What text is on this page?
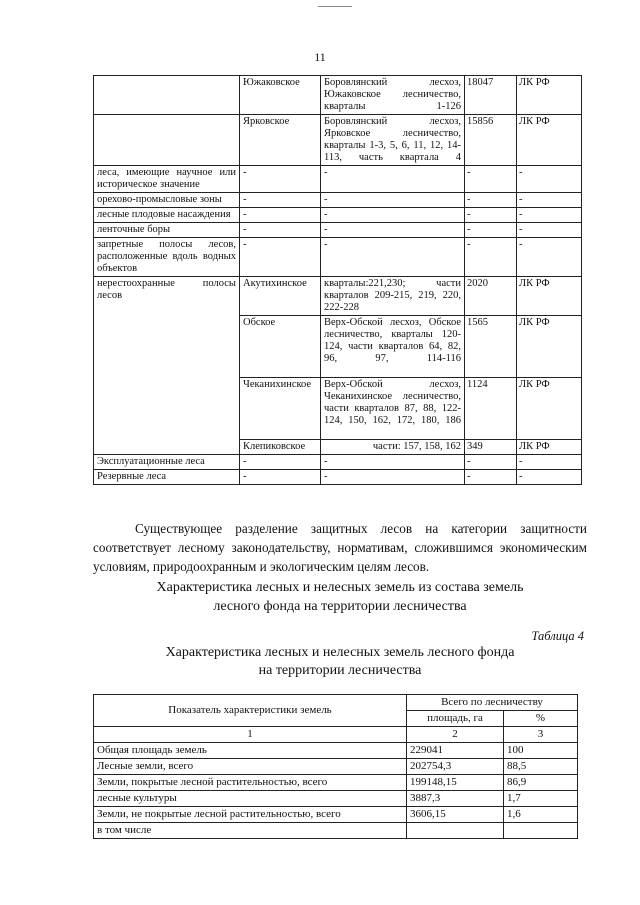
11
	Южаковское	Боровлянский лесхоз, Южаковское лесничество, кварталы 1-126	18047	ЛК РФ
	Ярковское	Боровлянский лесхоз, Ярковское лесничество, кварталы 1-3, 5, 6, 11, 12, 14-113, часть квартала 4	15856	ЛК РФ
леса, имеющие научное или историческое значение	-	-	-	-
орехово-промысловые зоны	-	-	-	-
лесные плодовые насаждения	-	-	-	-
ленточные боры	-	-	-	-
запретные полосы лесов, расположенные вдоль водных объектов	-	-	-	-
нерестоохранные полосы лесов	Акутихинское	кварталы:221,230; части кварталов 209-215, 219, 220, 222-228	2020	ЛК РФ
	Обское	Верх-Обской лесхоз, Обское лесничество, кварталы 120-124, части кварталов 64, 82, 96, 97, 114-116	1565	ЛК РФ
	Чеканихинское	Верх-Обской лесхоз, Чеканихинское лесничество, части кварталов 87, 88, 122-124, 150, 162, 172, 180, 186	1124	ЛК РФ
	Клепиковское	части: 157, 158, 162	349	ЛК РФ
Эксплуатационные леса	-	-	-	-
Резервные леса	-	-	-	-
Существующее разделение защитных лесов на категории защитности соответствует лесному законодательству, нормативам, сложившимся экономическим условиям, природоохранным и экологическим целям лесов.
Характеристика лесных и нелесных земель из состава земель
лесного фонда на территории лесничества
Таблица 4
Характеристика лесных и нелесных земель лесного фонда
на территории лесничества
Показатель характеристики земель	Всего по лесничеству	
	площадь, га	%
1	2	3
Общая площадь земель	229041	100
Лесные земли, всего	202754,3	88,5
Земли, покрытые лесной растительностью, всего	199148,15	86,9
лесные культуры	3887,3	1,7
Земли, не покрытые лесной растительностью, всего	3606,15	1,6
в том числе		
